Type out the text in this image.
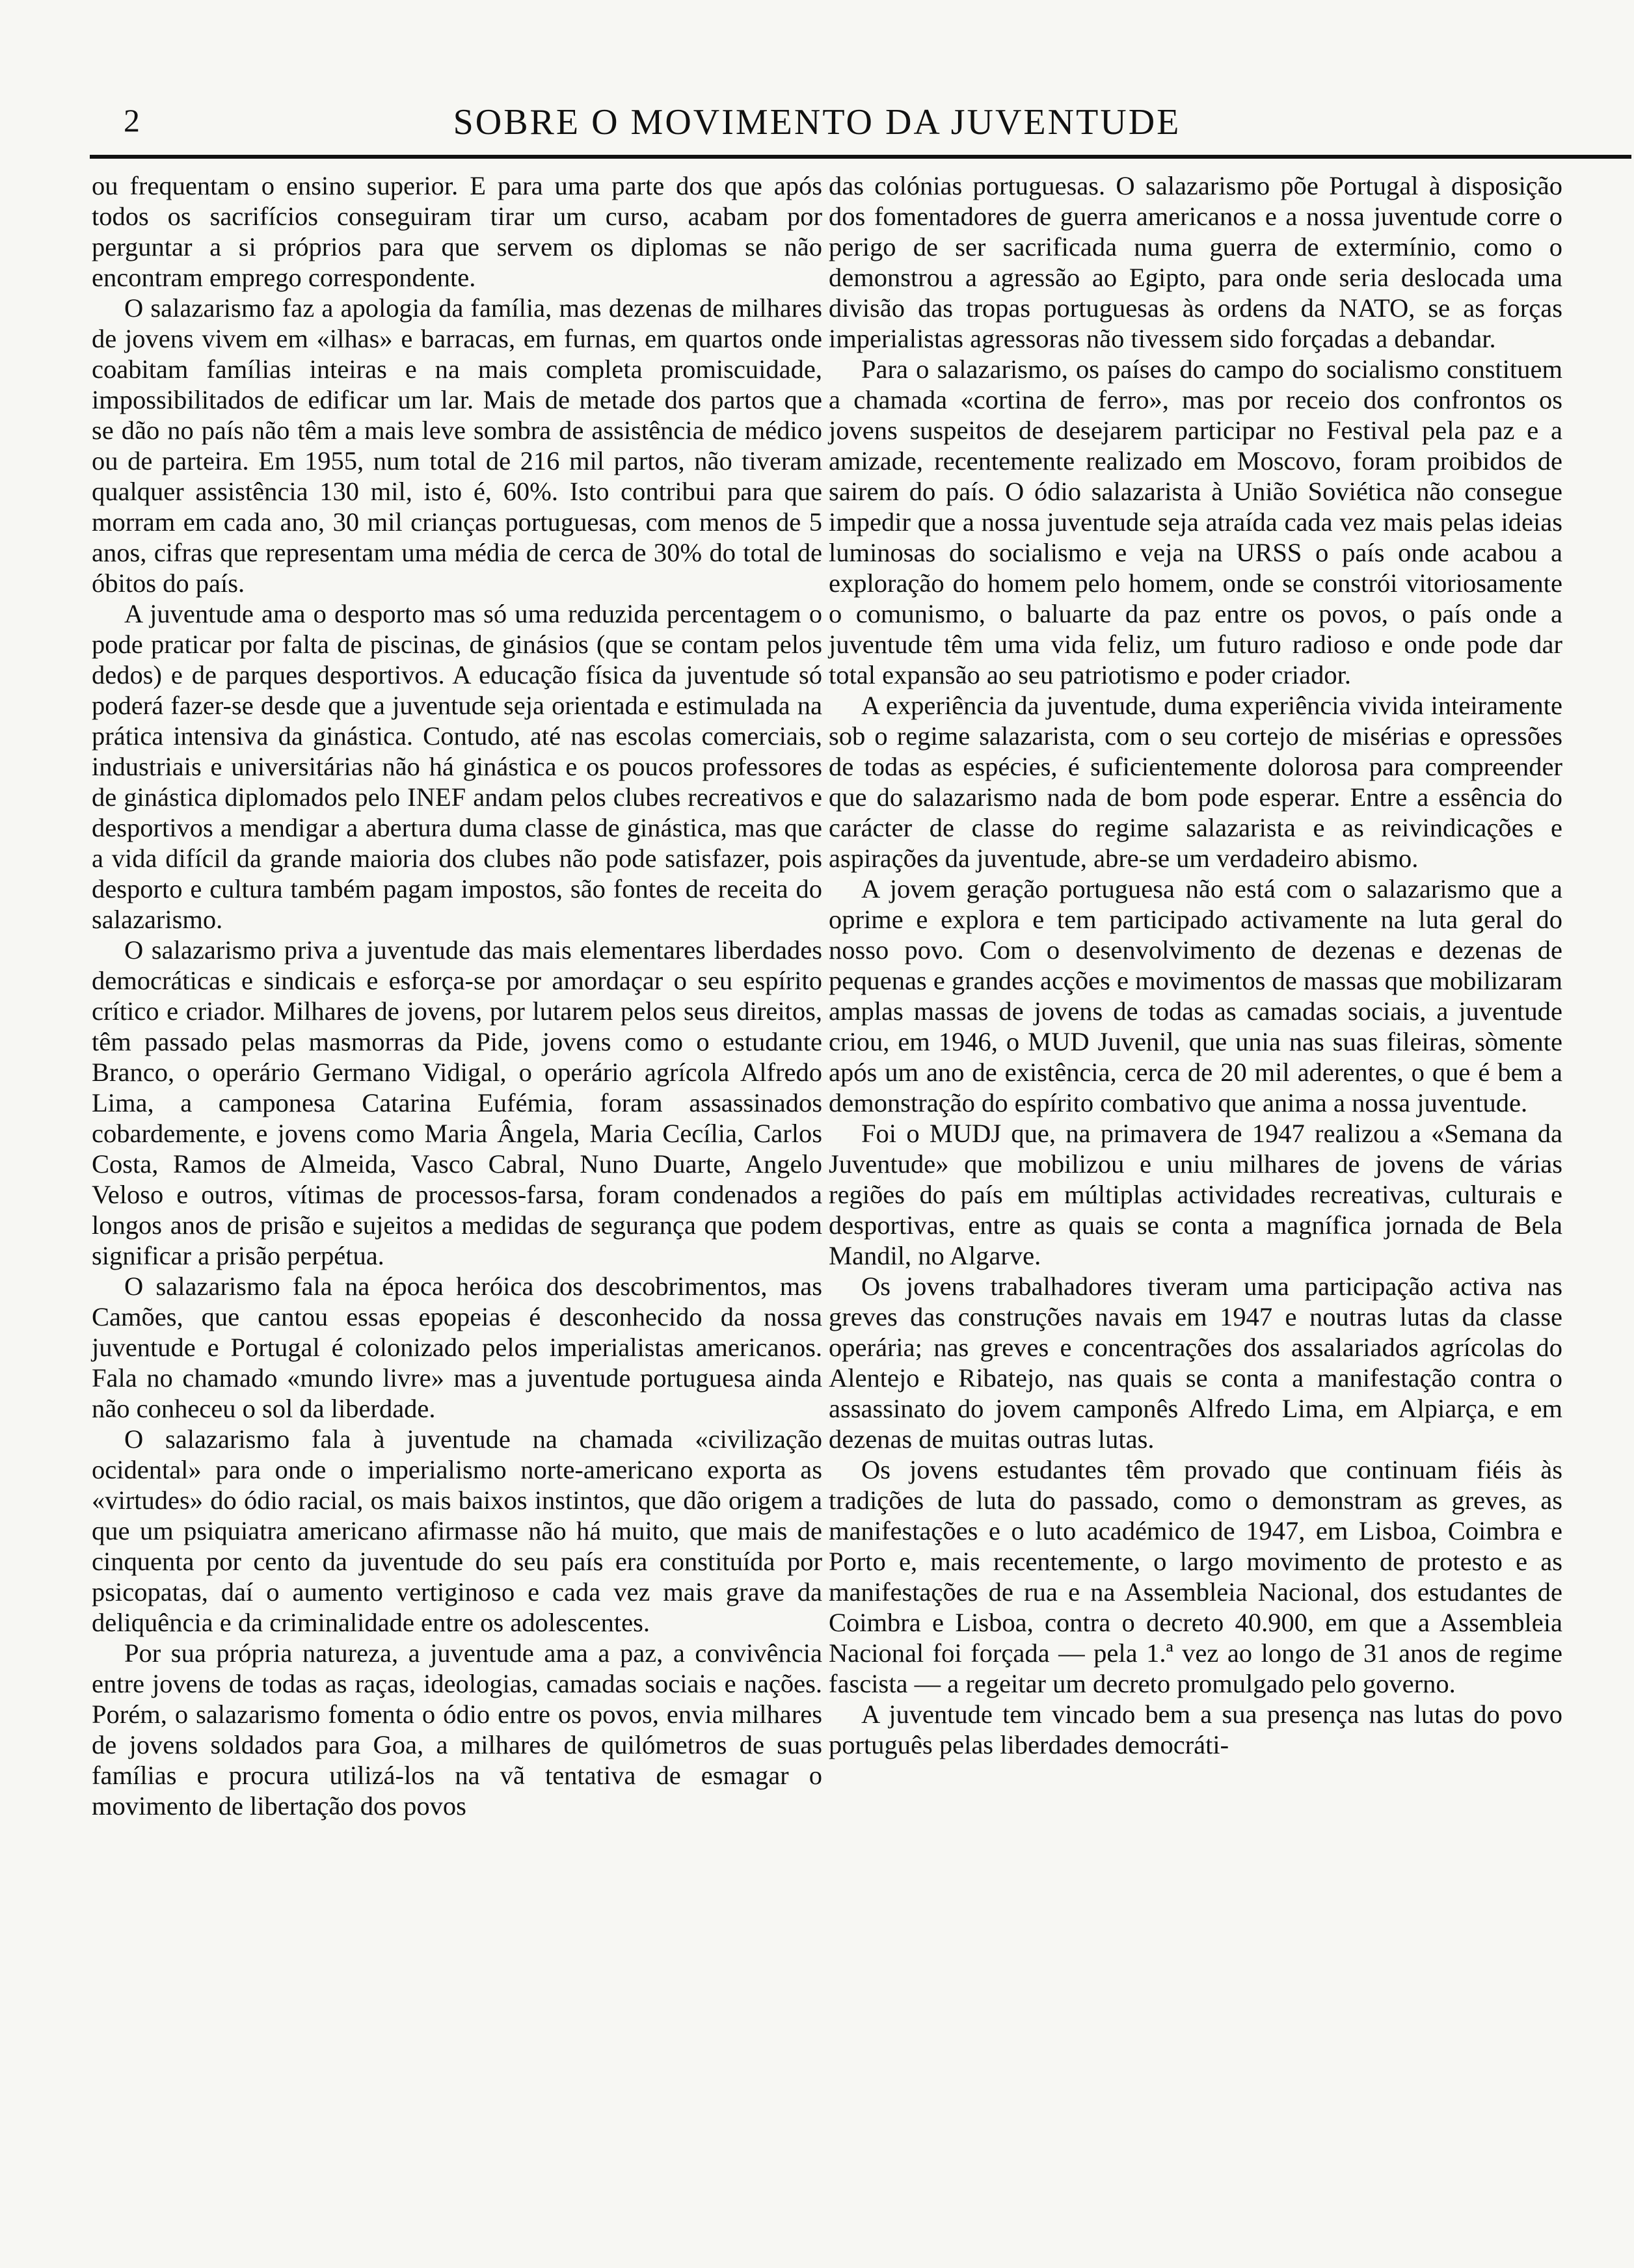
2	SOBRE O MOVIMENTO DA JUVENTUDE

ou frequentam o ensino superior. E para uma parte dos que após todos os sacrifícios conseguiram tirar um curso, acabam por perguntar a si próprios para que servem os diplomas se não encontram emprego correspondente.

O salazarismo faz a apologia da família, mas dezenas de milhares de jovens vivem em «ilhas» e barracas, em furnas, em quartos onde coabitam famílias inteiras e na mais completa promiscuidade, impossibilitados de edificar um lar. Mais de metade dos partos que se dão no país não têm a mais leve sombra de assistência de médico ou de parteira. Em 1955, num total de 216 mil partos, não tiveram qualquer assistência 130 mil, isto é, 60%. Isto contribui para que morram em cada ano, 30 mil crianças portuguesas, com menos de 5 anos, cifras que representam uma média de cerca de 30% do total de óbitos do país.

A juventude ama o desporto mas só uma reduzida percentagem o pode praticar por falta de piscinas, de ginásios (que se contam pelos dedos) e de parques desportivos. A educação física da juventude só poderá fazer-se desde que a juventude seja orientada e estimulada na prática intensiva da ginástica. Contudo, até nas escolas comerciais, industriais e universitárias não há ginástica e os poucos professores de ginástica diplomados pelo INEF andam pelos clubes recreativos e desportivos a mendigar a abertura duma classe de ginástica, mas que a vida difícil da grande maioria dos clubes não pode satisfazer, pois desporto e cultura também pagam impostos, são fontes de receita do salazarismo.

O salazarismo priva a juventude das mais elementares liberdades democráticas e sindicais e esforça-se por amordaçar o seu espírito crítico e criador. Milhares de jovens, por lutarem pelos seus direitos, têm passado pelas masmorras da Pide, jovens como o estudante Branco, o operário Germano Vidigal, o operário agrícola Alfredo Lima, a camponesa Catarina Eufémia, foram assassinados cobardemente, e jovens como Maria Ângela, Maria Cecília, Carlos Costa, Ramos de Almeida, Vasco Cabral, Nuno Duarte, Angelo Veloso e outros, vítimas de processos-farsa, foram condenados a longos anos de prisão e sujeitos a medidas de segurança que podem significar a prisão perpétua.

O salazarismo fala na época heróica dos descobrimentos, mas Camões, que cantou essas epopeias é desconhecido da nossa juventude e Portugal é colonizado pelos imperialistas americanos. Fala no chamado «mundo livre» mas a juventude portuguesa ainda não conheceu o sol da liberdade.

O salazarismo fala à juventude na chamada «civilização ocidental» para onde o imperialismo norte-americano exporta as «virtudes» do ódio racial, os mais baixos instintos, que dão origem a que um psiquiatra americano afirmasse não há muito, que mais de cinquenta por cento da juventude do seu país era constituída por psicopatas, daí o aumento vertiginoso e cada vez mais grave da deliquência e da criminalidade entre os adolescentes.

Por sua própria natureza, a juventude ama a paz, a convivência entre jovens de todas as raças, ideologias, camadas sociais e nações. Porém, o salazarismo fomenta o ódio entre os povos, envia milhares de jovens soldados para Goa, a milhares de quilómetros de suas famílias e procura utilizá-los na vã tentativa de esmagar o movimento de libertação dos povos

das colónias portuguesas. O salazarismo põe Portugal à disposição dos fomentadores de guerra americanos e a nossa juventude corre o perigo de ser sacrificada numa guerra de extermínio, como o demonstrou a agressão ao Egipto, para onde seria deslocada uma divisão das tropas portuguesas às ordens da NATO, se as forças imperialistas agressoras não tivessem sido forçadas a debandar.

Para o salazarismo, os países do campo do socialismo constituem a chamada «cortina de ferro», mas por receio dos confrontos os jovens suspeitos de desejarem participar no Festival pela paz e a amizade, recentemente realizado em Moscovo, foram proibidos de sairem do país. O ódio salazarista à União Soviética não consegue impedir que a nossa juventude seja atraída cada vez mais pelas ideias luminosas do socialismo e veja na URSS o país onde acabou a exploração do homem pelo homem, onde se constrói vitoriosamente o comunismo, o baluarte da paz entre os povos, o país onde a juventude têm uma vida feliz, um futuro radioso e onde pode dar total expansão ao seu patriotismo e poder criador.

A experiência da juventude, duma experiência vivida inteiramente sob o regime salazarista, com o seu cortejo de misérias e opressões de todas as espécies, é suficientemente dolorosa para compreender que do salazarismo nada de bom pode esperar. Entre a essência do carácter de classe do regime salazarista e as reivindicações e aspirações da juventude, abre-se um verdadeiro abismo.

A jovem geração portuguesa não está com o salazarismo que a oprime e explora e tem participado activamente na luta geral do nosso povo. Com o desenvolvimento de dezenas e dezenas de pequenas e grandes acções e movimentos de massas que mobilizaram amplas massas de jovens de todas as camadas sociais, a juventude criou, em 1946, o MUD Juvenil, que unia nas suas fileiras, sòmente após um ano de existência, cerca de 20 mil aderentes, o que é bem a demonstração do espírito combativo que anima a nossa juventude.

Foi o MUDJ que, na primavera de 1947 realizou a «Semana da Juventude» que mobilizou e uniu milhares de jovens de várias regiões do país em múltiplas actividades recreativas, culturais e desportivas, entre as quais se conta a magnífica jornada de Bela Mandil, no Algarve.

Os jovens trabalhadores tiveram uma participação activa nas greves das construções navais em 1947 e noutras lutas da classe operária; nas greves e concentrações dos assalariados agrícolas do Alentejo e Ribatejo, nas quais se conta a manifestação contra o assassinato do jovem camponês Alfredo Lima, em Alpiarça, e em dezenas de muitas outras lutas.

Os jovens estudantes têm provado que continuam fiéis às tradições de luta do passado, como o demonstram as greves, as manifestações e o luto académico de 1947, em Lisboa, Coimbra e Porto e, mais recentemente, o largo movimento de protesto e as manifestações de rua e na Assembleia Nacional, dos estudantes de Coimbra e Lisboa, contra o decreto 40.900, em que a Assembleia Nacional foi forçada — pela 1.ª vez ao longo de 31 anos de regime fascista — a regeitar um decreto promulgado pelo governo.

A juventude tem vincado bem a sua presença nas lutas do povo português pelas liberdades democráti-
